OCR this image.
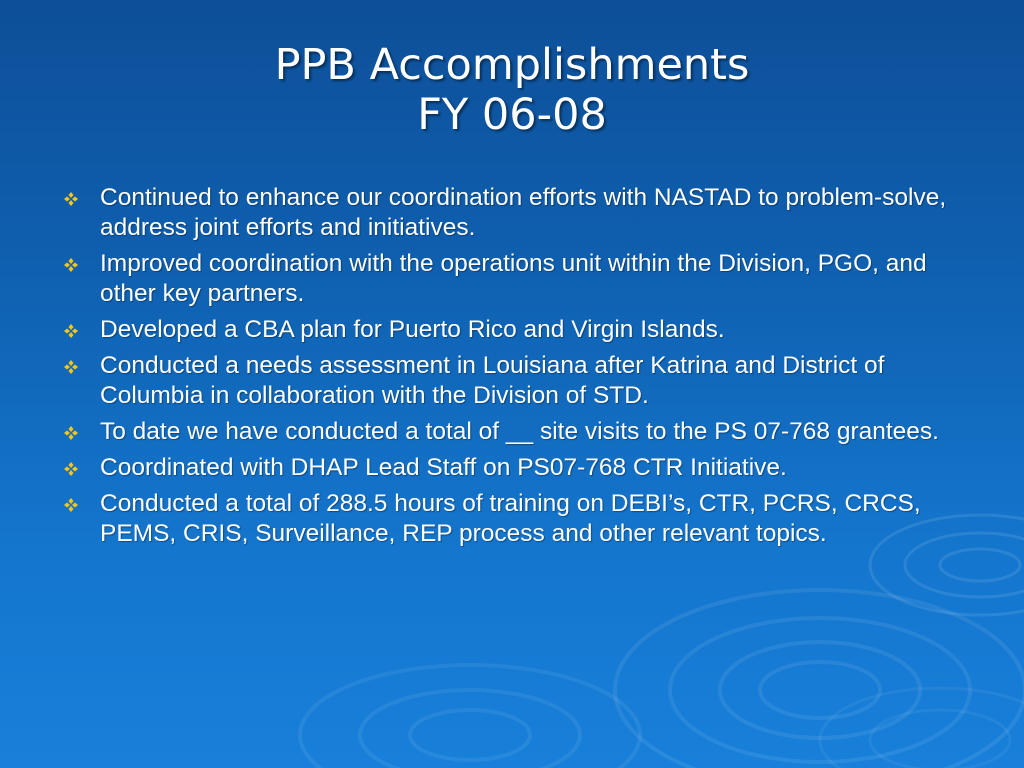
PPB Accomplishments
FY 06-08
Continued to enhance our coordination efforts with NASTAD to problem-solve, address joint efforts and initiatives.
Improved coordination with the operations unit within the Division, PGO, and other key partners.
Developed a CBA plan for Puerto Rico and Virgin Islands.
Conducted a needs assessment in Louisiana after Katrina and District of Columbia in collaboration with the Division of STD.
To date we have conducted a total of __ site visits to the PS 07-768 grantees.
Coordinated with DHAP Lead Staff on PS07-768 CTR Initiative.
Conducted a total of 288.5 hours of training on DEBI’s, CTR, PCRS, CRCS, PEMS, CRIS, Surveillance, REP process and other relevant topics.
